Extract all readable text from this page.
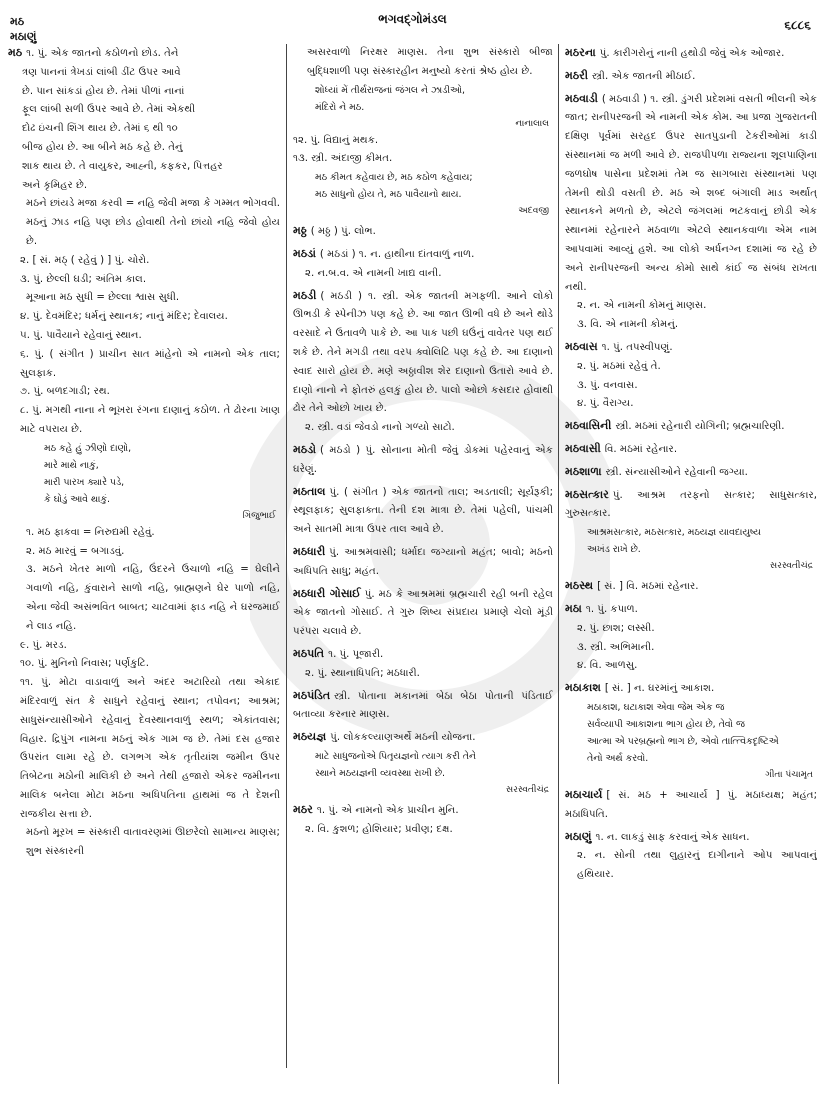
મઠ
મઠાણું
ભગવદ્ગોમંડલ	૬૮૮૬
મઠ ૧. પું. એક જાતનો કઠોળનો છોડ. તેને
ત્રણ પાનનાં ત્રેખડાં લાંબી ડીંટ ઉપર આવે
છે. પાન સાંકડાં હોય છે. તેમાં પીળાં નાનાં
ફૂલ લાંબી સળી ઉપર આવે છે. તેમાં એકથી
દોઢ ઇંચની શિંગ થાય છે. તેમાં ૬ થી ૧૦
બીજ હોય છે. આ બીને મઠ કહે છે. તેનું
શાક થાય છે. તે વાયુકર, આહ્ની, કફકર, પિત્તહર
અને કૃમિહર છે.
મઠને છાંયડે મજા કરવી = નહિ જેવી મજા કે ગમ્મત ભોગવવી. મઠનું ઝાડ નહિ પણ છોડ હોવાથી તેનો છાંયો નહિ જેવો હોય છે.
૨. [ સં. મઠ્ ( રહેવું ) ] પું. ચોરો.
૩. પું. છેલ્લી ઘડી; અંતિમ કાલ.
મૂઆના મઠ સુધી = છેલ્લા શ્વાસ સુધી.
૪. પું. દેવમંદિર; ધર્મનું સ્થાનક; નાનું મંદિર; દેવાલય.
૫. પું. પાવૈયાને રહેવાનું સ્થાન.
૬. પું. ( સંગીત ) પ્રાચીન સાત માંહેનો એ નામનો એક તાલ; સુલફાક.
૭. પું. બળદગાડી; રથ.
૮. પું. મગથી નાના ને ભૂખરા રંગના દાણાનું કઠોળ. તે ઢોરના ખાણ માટે વપરાય છે.
મઠ કહે હું ઝીણો દાણો,
મારે માથે નાકું,
મારી પારખ ક્યારે પડે,
કે ઘોડું આવે થાકું.
ગિજુભાઈ
૧. મઠ ફાકવા = નિરુદ્યમી રહેવું.
૨. મઠ મારવું = બગાડવું.
૩. મઠને ખેતર માળો નહિ, ઉંદરને ઉચાળો નહિ = ઘેલીને ગવાળો નહિ, કુંવારાને સાળો નહિ, બ્રાહ્મણને ઘેર પાળો નહિ, એના જેવી અસંભવિત બાબત; ચાટવામાં ફાડ નહિ ને ઘરજમાઈ ને લાડ નહિ.
૯. પું. મરડ.
૧૦. પું. મુનિનો નિવાસ; પર્ણકુટિ.
૧૧. પું. મોટા વાડાવાળું અને અંદર અટારિયો તથા એકાદ મંદિરવાળું સંત કે સાધુને રહેવાનું સ્થાન; તપોવન; આશ્રમ; સાધુસંન્યાસીઓને રહેવાનું દેવસ્થાનવાળું સ્થળ; એકાંતવાસ; વિહાર. દ્રિપુંગ નામના મઠનું એક ગામ જ છે. તેમાં દસ હજાર ઉપરાંત લામા રહે છે. લગભગ એક તૃતીયાંશ જમીન ઉપર તિબેટના મઠોની માલિકી છે અને તેથી હજારો એકર જમીનના માલિક બનેલા મોટા મઠના અધિપતિના હાથમાં જ તે દેશની રાજકીય સત્તા છે.
મઠનો મૂરખ = સંસ્કારી વાતાવરણમાં ઊછરેલો સામાન્ય માણસ; શુભ સંસ્કારની
અસરવાળો નિરક્ષર માણસ. તેના શુભ સંસ્કારો બીજા બુદ્ધિશાળી પણ સંસ્કારહીન મનુષ્યો કરતાં શ્રેષ્ઠ હોય છે.
શોધ્યાં મેં તીર્થરાજનાં જંગલ ને ઝાડીઓ,
મંદિરો ને મઠ.
નાનાલાલ
૧૨. પું. વિદ્યાનું મથક.
૧૩. સ્ત્રી. અંદાજી કીમત.
મઠ કીમત કહેવાય છે, મઠ કઠોળ કહેવાય;
મઠ સાધુનો હોય તે, મઠ પાવૈયાનો થાય.
અદવજી
મઠ્ઠ ( મઠ્ઠ ) પું. લોભ.
મઠડાં ( મઠડાં ) ૧. ન. હાથીના દાંતવાળું નાળ.
૨. ન.બ.વ. એ નામની ખાદ્ય વાની.
મઠડી ( મઠડી ) ૧. સ્ત્રી. એક જાતની મગફળી. આને લોકો ઊભડી કે સ્પેનીઝ પણ કહે છે. આ જાત ઊભી વધે છે અને થોડે વરસાદે ને ઉતાવળે પાકે છે. આ પાક પછી ઘઉંનું વાવેતર પણ થઈ શકે છે. તેને મગડી તથા વરપ ક્વોલિટિ પણ કહે છે. આ દાણાનો સ્વાદ સારો હોય છે. મણે અઠ્ઠાવીશ શેર દાણાનો ઉતારો આવે છે. દાણો નાનો ને ફોતરું હલકું હોય છે. પાલો ઓછો કસદાર હોવાથી ઢોર તેને ઓછો ખાય છે.
૨. સ્ત્રી. વડાં જેવડો નાનો ગળ્યો સાટો.
મઠડો ( મઠડો ) પું. સોનાના મોતી જેવું ડોકમાં પહેરવાનું એક ઘરેણું.
મઠતાલ પું. ( સંગીત ) એક જાતનો તાલ; અડતાલી; સૂર્યરૂકી; સ્થૂલફાક; સુલફાક્તા. તેની દશ માત્રા છે. તેમાં પહેલી, પાંચમી અને સાતમી માત્રા ઉપર તાલ આવે છે.
મઠધારી પું. આશ્રમવાસી; ધર્માદા જગ્યાનો મહંત; બાવો; મઠનો અધિપતિ સાધુ; મહંત.
મઠધારી ગોસાઈ પું. મઠ કે આશ્રમમાં બ્રહ્મચારી રહી બની રહેલ એક જાતનો ગોસાઈ. તે ગુરુ શિષ્ય સંપ્રદાય પ્રમાણે ચેલો મૂંડી પરંપરા ચલાવે છે.
મઠપતિ ૧. પું. પૂજારી.
૨. પું. સ્થાનાધિપતિ; મઠધારી.
મઠપંડિત સ્ત્રી. પોતાના મકાનમાં બેઠા બેઠા પોતાની પંડિતાઈ બતાવ્યા કરનાર માણસ.
મઠયજ્ઞ પું. લોકકલ્યાણઅર્થે મઠની યોજના.
માટે સાધુજનોએ પિતૃયજ્ઞનો ત્યાગ કરી તેને
સ્થાને મઠયજ્ઞની વ્યવસ્થા રાખી છે.
સરસ્વતીચંદ્ર
મઠર ૧. પું. એ નામનો એક પ્રાચીન મુનિ.
૨. વિ. કુશળ; હોશિયાર; પ્રવીણ; દક્ષ.
મઠરના પું. કારીગરોનું નાની હથોડી જેવું એક ઓજાર.
મઠરી સ્ત્રી. એક જાતની મીઠાઈ.
મઠવાડી ( મઠવાડી ) ૧. સ્ત્રી. ડુંગરી પ્રદેશમાં વસતી ભીલની એક જાત; રાનીપરજની એ નામની એક કોમ. આ પ્રજા ગુજરાતની દક્ષિણ પૂર્વમાં સરહદ ઉપર સાતપુડાની ટેકરીઓમાં કાડી સંસ્થાનમાં જ મળી આવે છે. રાજપીપળા રાજ્યના શૂલપાણિના જળઘોષ પાસેના પ્રદેશમાં તેમ જ સાગબારા સંસ્થાનમાં પણ તેમની થોડી વસતી છે. મઠ એ શબ્દ બંગાલી માડ અર્થાત્ સ્થાનકને મળતો છે, એટલે જંગલમાં ભટકવાનું છોડી એક સ્થાનમાં રહેનારને મઠવાળા એટલે સ્થાનકવાળા એમ નામ આપવામાં આવ્યું હશે. આ લોકો અર્ધનગ્ન દશામાં જ રહે છે અને રાનીપરજની અન્ય કોમો સાથે કાંઈ જ સંબંધ રાખતા નથી.
૨. ન. એ નામની કોમનું માણસ.
૩. વિ. એ નામની કોમનું.
મઠવાસ ૧. પું. તપસ્વીપણું.
૨. પું. મઠમાં રહેવું તે.
૩. પું. વનવાસ.
૪. પું. વૈરાગ્ય.
મઠવાસિની સ્ત્રી. મઠમાં રહેનારી યોગિની; બ્રહ્મચારિણી.
મઠવાસી વિ. મઠમાં રહેનાર.
મઠશાળા સ્ત્રી. સંન્યાસીઓને રહેવાની જગ્યા.
મઠસત્કાર પું. આશ્રમ તરફનો સત્કાર; સાધુસત્કાર, ગુરુસત્કાર.
આશ્રમસત્કાર, મઠસત્કાર, મઠયજ્ઞ યાવદાયુષ્ય
અખંડ રાખે છે.
સરસ્વતીચંદ્ર
મઠસ્થ [ સં. ] વિ. મઠમાં રહેનાર.
મઠા ૧. પું. કપાળ.
૨. પું. છાશ; લસ્સી.
૩. સ્ત્રી. અભિમાની.
૪. વિ. આળસુ.
મઠાકાશ [ સં. ] ન. ઘરમાંનું આકાશ.
મઠાકાશ, ઘટાકાશ એવા જેમ એક જ
સર્વવ્યાપી આકાશના ભાગ હોય છે, તેવો જ
આત્મા એ પરબ્રહ્મનો ભાગ છે, એવો તાત્ત્વિકદૃષ્ટિએ
તેનો અર્થ કરવો.
ગીતા પંચામૃત
મઠાચાર્ય [ સં. મઠ + આચાર્ય ] પું. મઠાધ્યક્ષ; મહંત; મઠાધિપતિ.
મઠાણું ૧. ન. લાકડું સાફ કરવાનું એક સાધન.
૨. ન. સોની તથા લુહારનું દાગીનાને ઓપ આપવાનું હથિયાર.
